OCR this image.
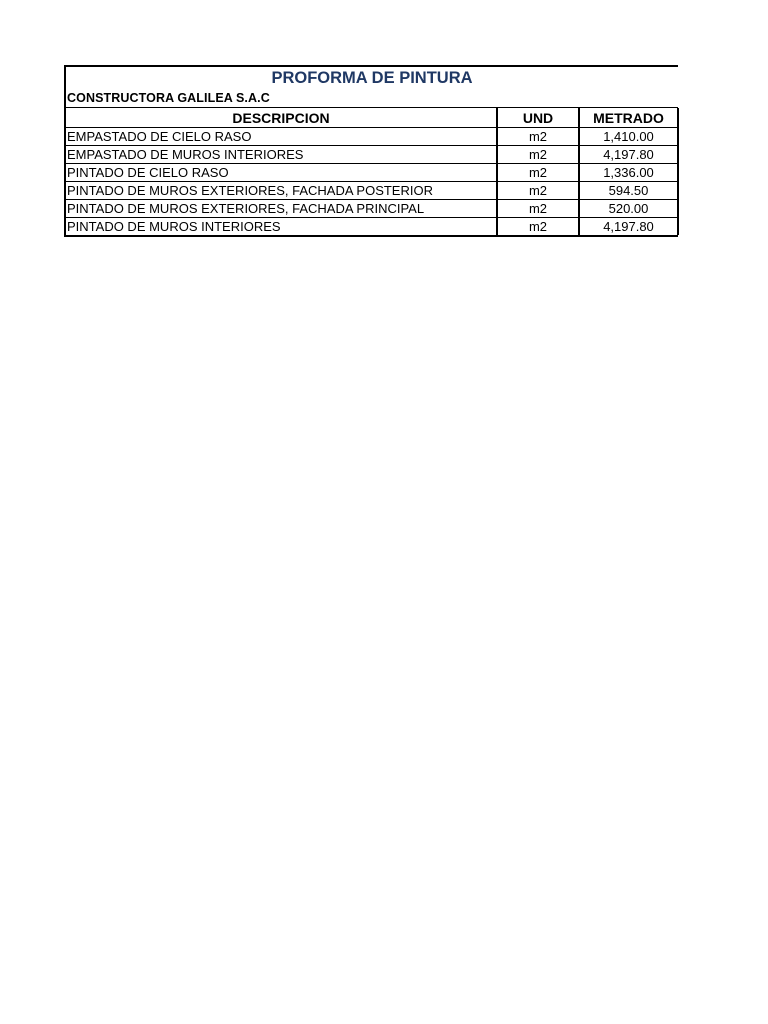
PROFORMA DE PINTURA
CONSTRUCTORA GALILEA S.A.C
DESCRIPCION	UND	METRADO
EMPASTADO DE CIELO RASO	m2	1,410.00
EMPASTADO DE MUROS INTERIORES	m2	4,197.80
PINTADO DE CIELO RASO	m2	1,336.00
PINTADO DE MUROS EXTERIORES, FACHADA POSTERIOR	m2	594.50
PINTADO DE MUROS EXTERIORES, FACHADA PRINCIPAL	m2	520.00
PINTADO DE MUROS INTERIORES	m2	4,197.80
